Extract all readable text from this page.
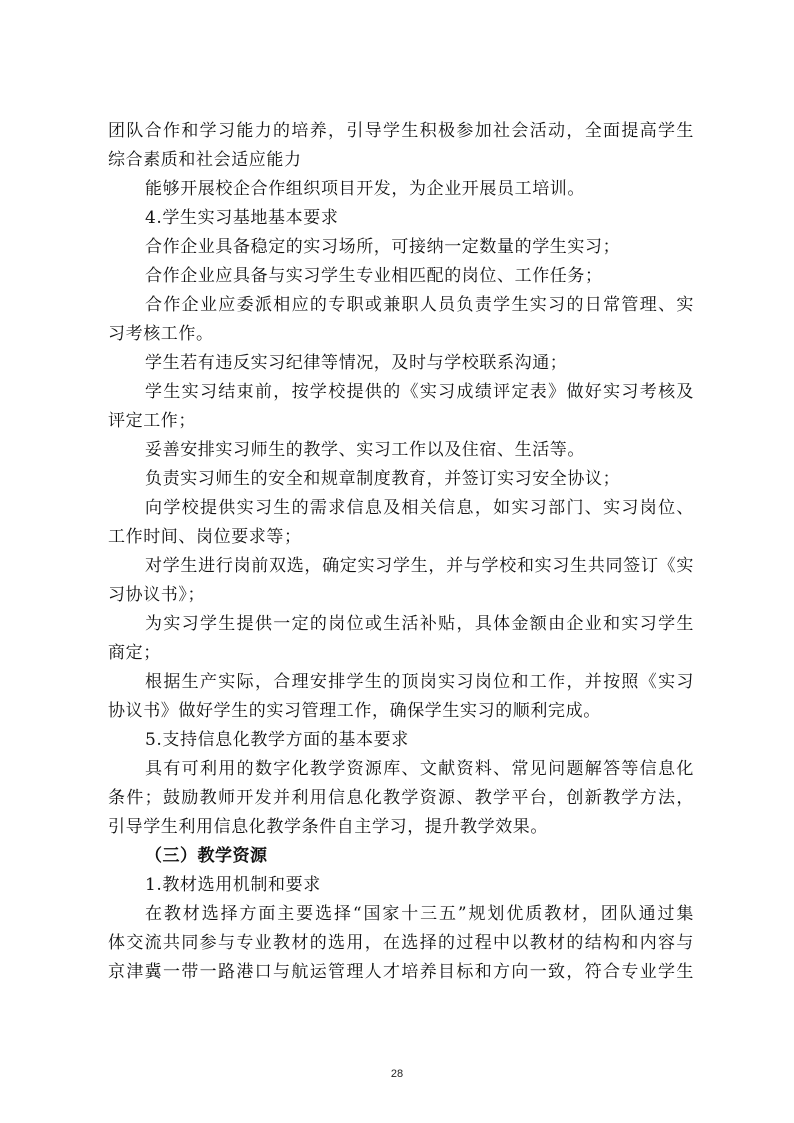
团队合作和学习能力的培养，引导学生积极参加社会活动，全面提高学生
综合素质和社会适应能力
能够开展校企合作组织项目开发，为企业开展员工培训。
4.学生实习基地基本要求
合作企业具备稳定的实习场所，可接纳一定数量的学生实习；
合作企业应具备与实习学生专业相匹配的岗位、工作任务；
合作企业应委派相应的专职或兼职人员负责学生实习的日常管理、实
习考核工作。
学生若有违反实习纪律等情况，及时与学校联系沟通；
学生实习结束前，按学校提供的《实习成绩评定表》做好实习考核及
评定工作；
妥善安排实习师生的教学、实习工作以及住宿、生活等。
负责实习师生的安全和规章制度教育，并签订实习安全协议；
向学校提供实习生的需求信息及相关信息，如实习部门、实习岗位、
工作时间、岗位要求等；
对学生进行岗前双选，确定实习学生，并与学校和实习生共同签订《实
习协议书》；
为实习学生提供一定的岗位或生活补贴，具体金额由企业和实习学生
商定；
根据生产实际，合理安排学生的顶岗实习岗位和工作，并按照《实习
协议书》做好学生的实习管理工作，确保学生实习的顺利完成。
5.支持信息化教学方面的基本要求
具有可利用的数字化教学资源库、文献资料、常见问题解答等信息化
条件；鼓励教师开发并利用信息化教学资源、教学平台，创新教学方法，
引导学生利用信息化教学条件自主学习，提升教学效果。
（三）教学资源
1.教材选用机制和要求
在教材选择方面主要选择“国家十三五”规划优质教材，团队通过集
体交流共同参与专业教材的选用，在选择的过程中以教材的结构和内容与
京津冀一带一路港口与航运管理人才培养目标和方向一致，符合专业学生
28
